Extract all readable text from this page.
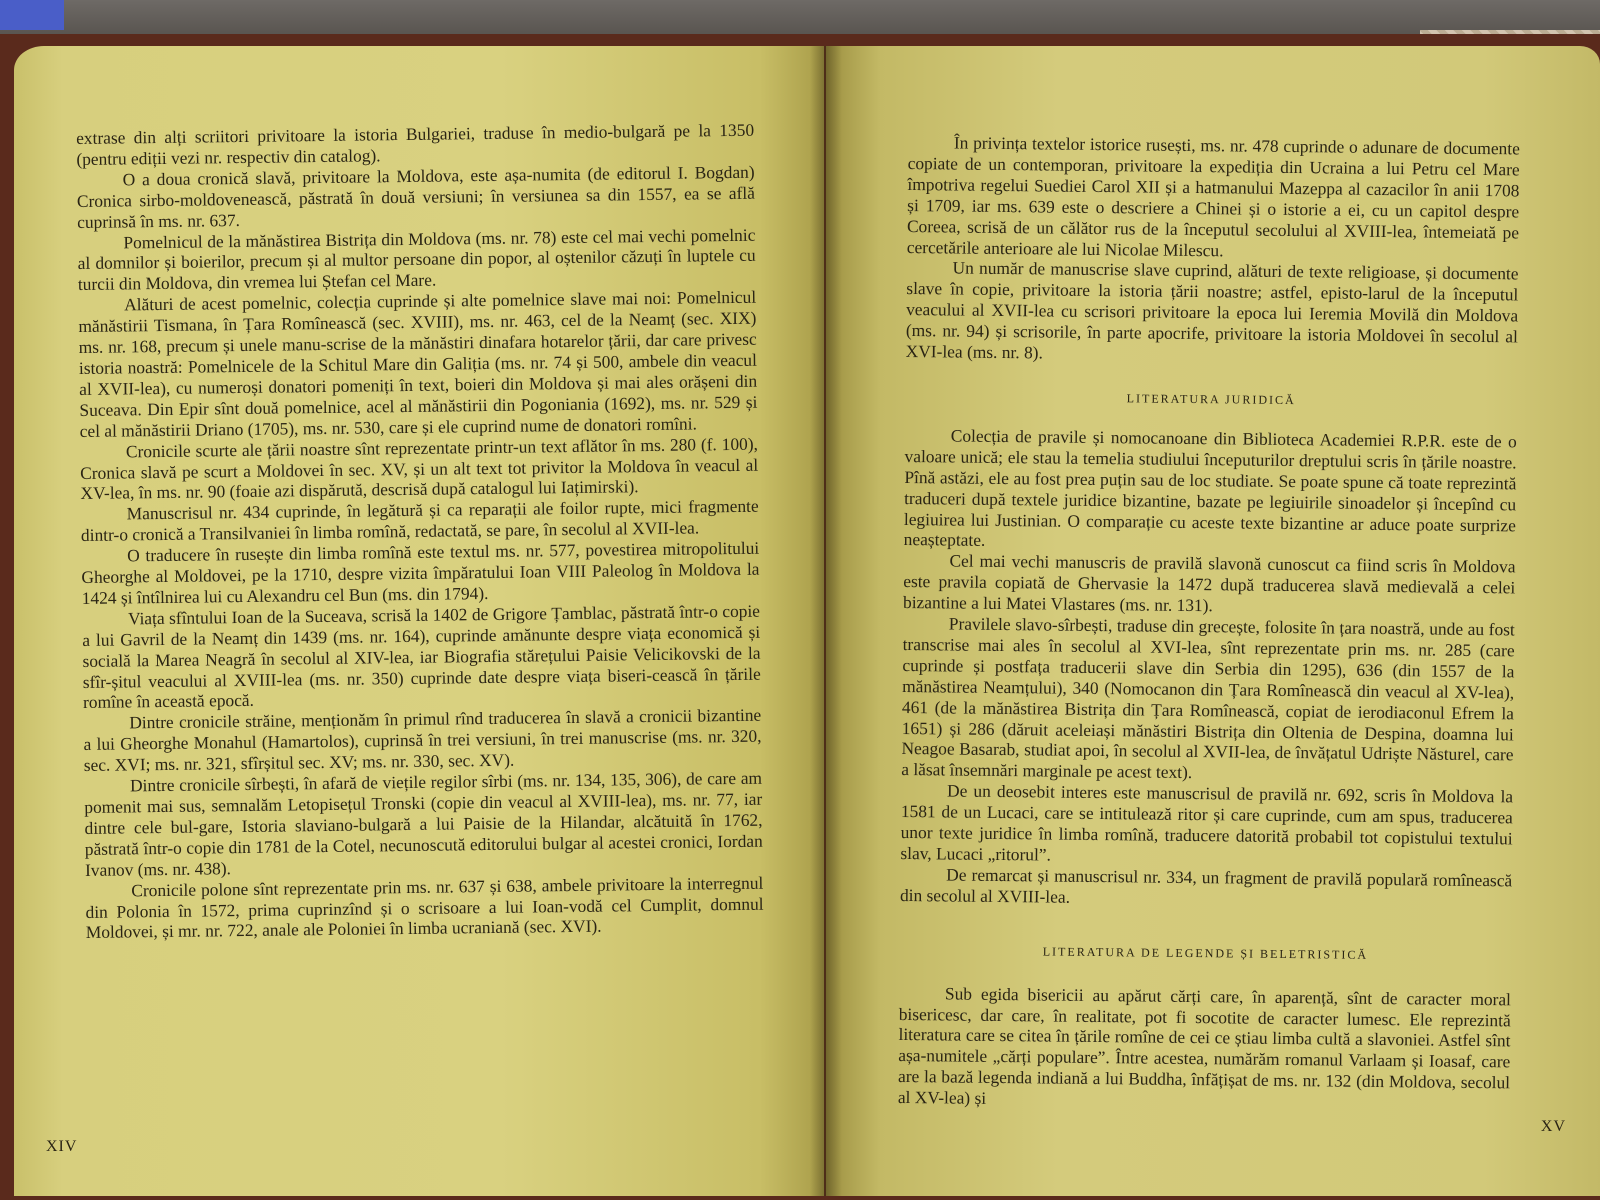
extrase din alți scriitori privitoare la istoria Bulgariei, traduse în medio-bulgară pe la 1350 (pentru ediții vezi nr. respectiv din catalog).

O a doua cronică slavă, privitoare la Moldova, este așa-numita (de editorul I. Bogdan) Cronica sirbo-moldovenească, păstrată în două versiuni; în versiunea sa din 1557, ea se află cuprinsă în ms. nr. 637.

Pomelnicul de la mănăstirea Bistrița din Moldova (ms. nr. 78) este cel mai vechi pomelnic al domnilor și boierilor, precum și al multor persoane din popor, al oștenilor căzuți în luptele cu turcii din Moldova, din vremea lui Ștefan cel Mare.

Alături de acest pomelnic, colecția cuprinde și alte pomelnice slave mai noi: Pomelnicul mănăstirii Tismana, în Țara Romînească (sec. XVIII), ms. nr. 463, cel de la Neamț (sec. XIX) ms. nr. 168, precum și unele manu-scrise de la mănăstiri dinafara hotarelor țării, dar care privesc istoria noastră: Pomelnicele de la Schitul Mare din Galiția (ms. nr. 74 și 500, ambele din veacul al XVII-lea), cu numeroși donatori pomeniți în text, boieri din Moldova și mai ales orășeni din Suceava. Din Epir sînt două pomelnice, acel al mănăstirii din Pogoniania (1692), ms. nr. 529 și cel al mănăstirii Driano (1705), ms. nr. 530, care și ele cuprind nume de donatori romîni.

Cronicile scurte ale țării noastre sînt reprezentate printr-un text aflător în ms. 280 (f. 100), Cronica slavă pe scurt a Moldovei în sec. XV, și un alt text tot privitor la Moldova în veacul al XV-lea, în ms. nr. 90 (foaie azi dispărută, descrisă după catalogul lui Iațimirski).

Manuscrisul nr. 434 cuprinde, în legătură și ca reparații ale foilor rupte, mici fragmente dintr-o cronică a Transilvaniei în limba romînă, redactată, se pare, în secolul al XVII-lea.

O traducere în rusește din limba romînă este textul ms. nr. 577, povestirea mitropolitului Gheorghe al Moldovei, pe la 1710, despre vizita împăratului Ioan VIII Paleolog în Moldova la 1424 și întîlnirea lui cu Alexandru cel Bun (ms. din 1794).

Viața sfîntului Ioan de la Suceava, scrisă la 1402 de Grigore Țamblac, păstrată într-o copie a lui Gavril de la Neamț din 1439 (ms. nr. 164), cuprinde amănunte despre viața economică și socială la Marea Neagră în secolul al XIV-lea, iar Biografia stărețului Paisie Velicikovski de la sfîr-șitul veacului al XVIII-lea (ms. nr. 350) cuprinde date despre viața biseri-cească în țările romîne în această epocă.

Dintre cronicile străine, menționăm în primul rînd traducerea în slavă a cronicii bizantine a lui Gheorghe Monahul (Hamartolos), cuprinsă în trei versiuni, în trei manuscrise (ms. nr. 320, sec. XVI; ms. nr. 321, sfîrșitul sec. XV; ms. nr. 330, sec. XV).

Dintre cronicile sîrbești, în afară de viețile regilor sîrbi (ms. nr. 134, 135, 306), de care am pomenit mai sus, semnalăm Letopisețul Tronski (copie din veacul al XVIII-lea), ms. nr. 77, iar dintre cele bul-gare, Istoria slaviano-bulgară a lui Paisie de la Hilandar, alcătuită în 1762, păstrată într-o copie din 1781 de la Cotel, necunoscută editorului bulgar al acestei cronici, Iordan Ivanov (ms. nr. 438).

Cronicile polone sînt reprezentate prin ms. nr. 637 și 638, ambele privitoare la interregnul din Polonia în 1572, prima cuprinzînd și o scrisoare a lui Ioan-vodă cel Cumplit, domnul Moldovei, și mr. nr. 722, anale ale Poloniei în limba ucraniană (sec. XVI).

XIV

În privința textelor istorice rusești, ms. nr. 478 cuprinde o adunare de documente copiate de un contemporan, privitoare la expediția din Ucraina a lui Petru cel Mare împotriva regelui Suediei Carol XII și a hatmanului Mazeppa al cazacilor în anii 1708 și 1709, iar ms. 639 este o descriere a Chinei și o istorie a ei, cu un capitol despre Coreea, scrisă de un călător rus de la începutul secolului al XVIII-lea, întemeiată pe cercetările anterioare ale lui Nicolae Milescu.

Un număr de manuscrise slave cuprind, alături de texte religioase, și documente slave în copie, privitoare la istoria țării noastre; astfel, episto-larul de la începutul veacului al XVII-lea cu scrisori privitoare la epoca lui Ieremia Movilă din Moldova (ms. nr. 94) și scrisorile, în parte apocrife, privitoare la istoria Moldovei în secolul al XVI-lea (ms. nr. 8).

LITERATURA JURIDICĂ

Colecția de pravile și nomocanoane din Biblioteca Academiei R.P.R. este de o valoare unică; ele stau la temelia studiului începuturilor dreptului scris în țările noastre. Pînă astăzi, ele au fost prea puțin sau de loc studiate. Se poate spune că toate reprezintă traduceri după textele juridice bizantine, bazate pe legiuirile sinoadelor și începînd cu legiuirea lui Justinian. O comparație cu aceste texte bizantine ar aduce poate surprize neașteptate.

Cel mai vechi manuscris de pravilă slavonă cunoscut ca fiind scris în Moldova este pravila copiată de Ghervasie la 1472 după traducerea slavă medievală a celei bizantine a lui Matei Vlastares (ms. nr. 131).

Pravilele slavo-sîrbești, traduse din grecește, folosite în țara noastră, unde au fost transcrise mai ales în secolul al XVI-lea, sînt reprezentate prin ms. nr. 285 (care cuprinde și postfața traducerii slave din Serbia din 1295), 636 (din 1557 de la mănăstirea Neamțului), 340 (Nomocanon din Țara Romînească din veacul al XV-lea), 461 (de la mănăstirea Bistrița din Țara Romînească, copiat de ierodiaconul Efrem la 1651) și 286 (dăruit aceleiași mănăstiri Bistrița din Oltenia de Despina, doamna lui Neagoe Basarab, studiat apoi, în secolul al XVII-lea, de învățatul Udriște Năsturel, care a lăsat însemnări marginale pe acest text).

De un deosebit interes este manuscrisul de pravilă nr. 692, scris în Moldova la 1581 de un Lucaci, care se intitulează ritor și care cuprinde, cum am spus, traducerea unor texte juridice în limba romînă, traducere datorită probabil tot copistului textului slav, Lucaci „ritorul”.

De remarcat și manuscrisul nr. 334, un fragment de pravilă populară romînească din secolul al XVIII-lea.

LITERATURA DE LEGENDE ȘI BELETRISTICĂ

Sub egida bisericii au apărut cărți care, în aparență, sînt de caracter moral bisericesc, dar care, în realitate, pot fi socotite de caracter lumesc. Ele reprezintă literatura care se citea în țările romîne de cei ce știau limba cultă a slavoniei. Astfel sînt așa-numitele „cărți populare”. Între acestea, numărăm romanul Varlaam și Ioasaf, care are la bază legenda indiană a lui Buddha, înfățișat de ms. nr. 132 (din Moldova, secolul al XV-lea) și

XV
